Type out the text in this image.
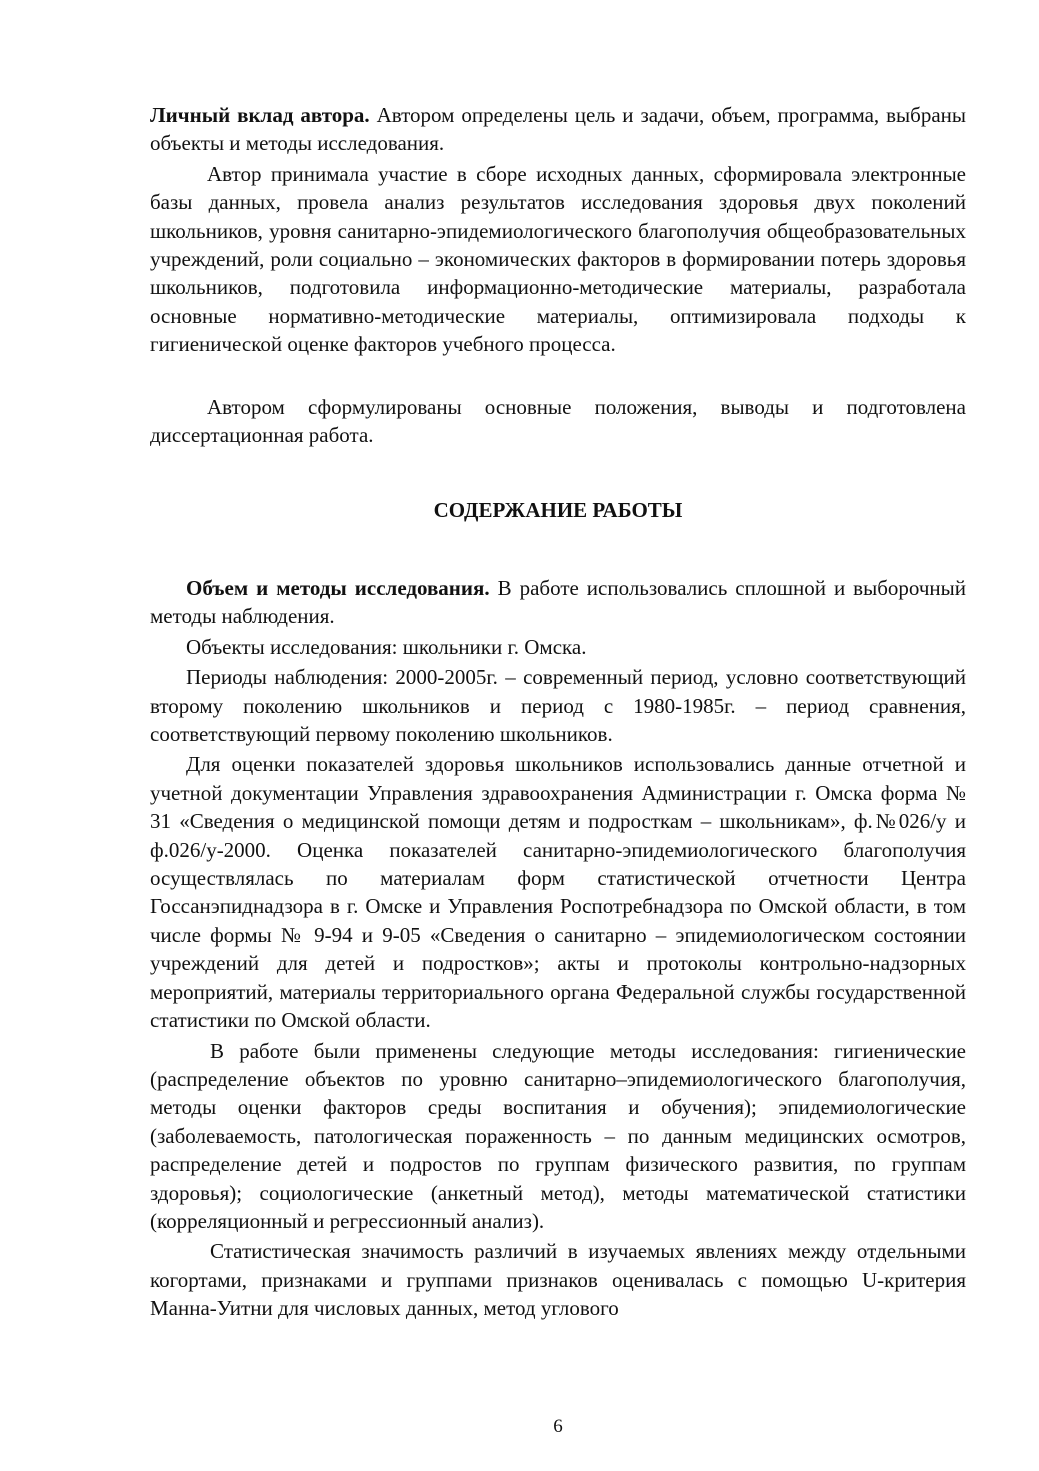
Личный вклад автора. Автором определены цель и задачи, объем, программа, выбраны объекты и методы исследования.

Автор принимала участие в сборе исходных данных, сформировала электронные базы данных, провела анализ результатов исследования здоровья двух поколений школьников, уровня санитарно-эпидемиологического благополучия общеобразовательных учреждений, роли социально – экономических факторов в формировании потерь здоровья школьников, подготовила информационно-методические материалы, разработала основные нормативно-методические материалы, оптимизировала подходы к гигиенической оценке факторов учебного процесса.

Автором сформулированы основные положения, выводы и подготовлена диссертационная работа.

СОДЕРЖАНИЕ РАБОТЫ

Объем и методы исследования. В работе использовались сплошной и выборочный методы наблюдения.

Объекты исследования: школьники г. Омска.

Периоды наблюдения: 2000-2005г. – современный период, условно соответствующий второму поколению школьников и период с 1980-1985г. – период сравнения, соответствующий первому поколению школьников.

Для оценки показателей здоровья школьников использовались данные отчетной и учетной документации Управления здравоохранения Администрации г. Омска форма № 31 «Сведения о медицинской помощи детям и подросткам – школьникам», ф.№026/у и ф.026/у-2000. Оценка показателей санитарно-эпидемиологического благополучия осуществлялась по материалам форм статистической отчетности Центра Госсанэпиднадзора в г. Омске и Управления Роспотребнадзора по Омской области, в том числе формы № 9-94 и 9-05 «Сведения о санитарно – эпидемиологическом состоянии учреждений для детей и подростков»; акты и протоколы контрольно-надзорных мероприятий, материалы территориального органа Федеральной службы государственной статистики по Омской области.

В работе были применены следующие методы исследования: гигиенические (распределение объектов по уровню санитарно–эпидемиологического благополучия, методы оценки факторов среды воспитания и обучения); эпидемиологические (заболеваемость, патологическая пораженность – по данным медицинских осмотров, распределение детей и подростов по группам физического развития, по группам здоровья); социологические (анкетный метод), методы математической статистики (корреляционный и регрессионный анализ).

Статистическая значимость различий в изучаемых явлениях между отдельными когортами, признаками и группами признаков оценивалась с помощью U-критерия Манна-Уитни для числовых данных, метод углового

6
